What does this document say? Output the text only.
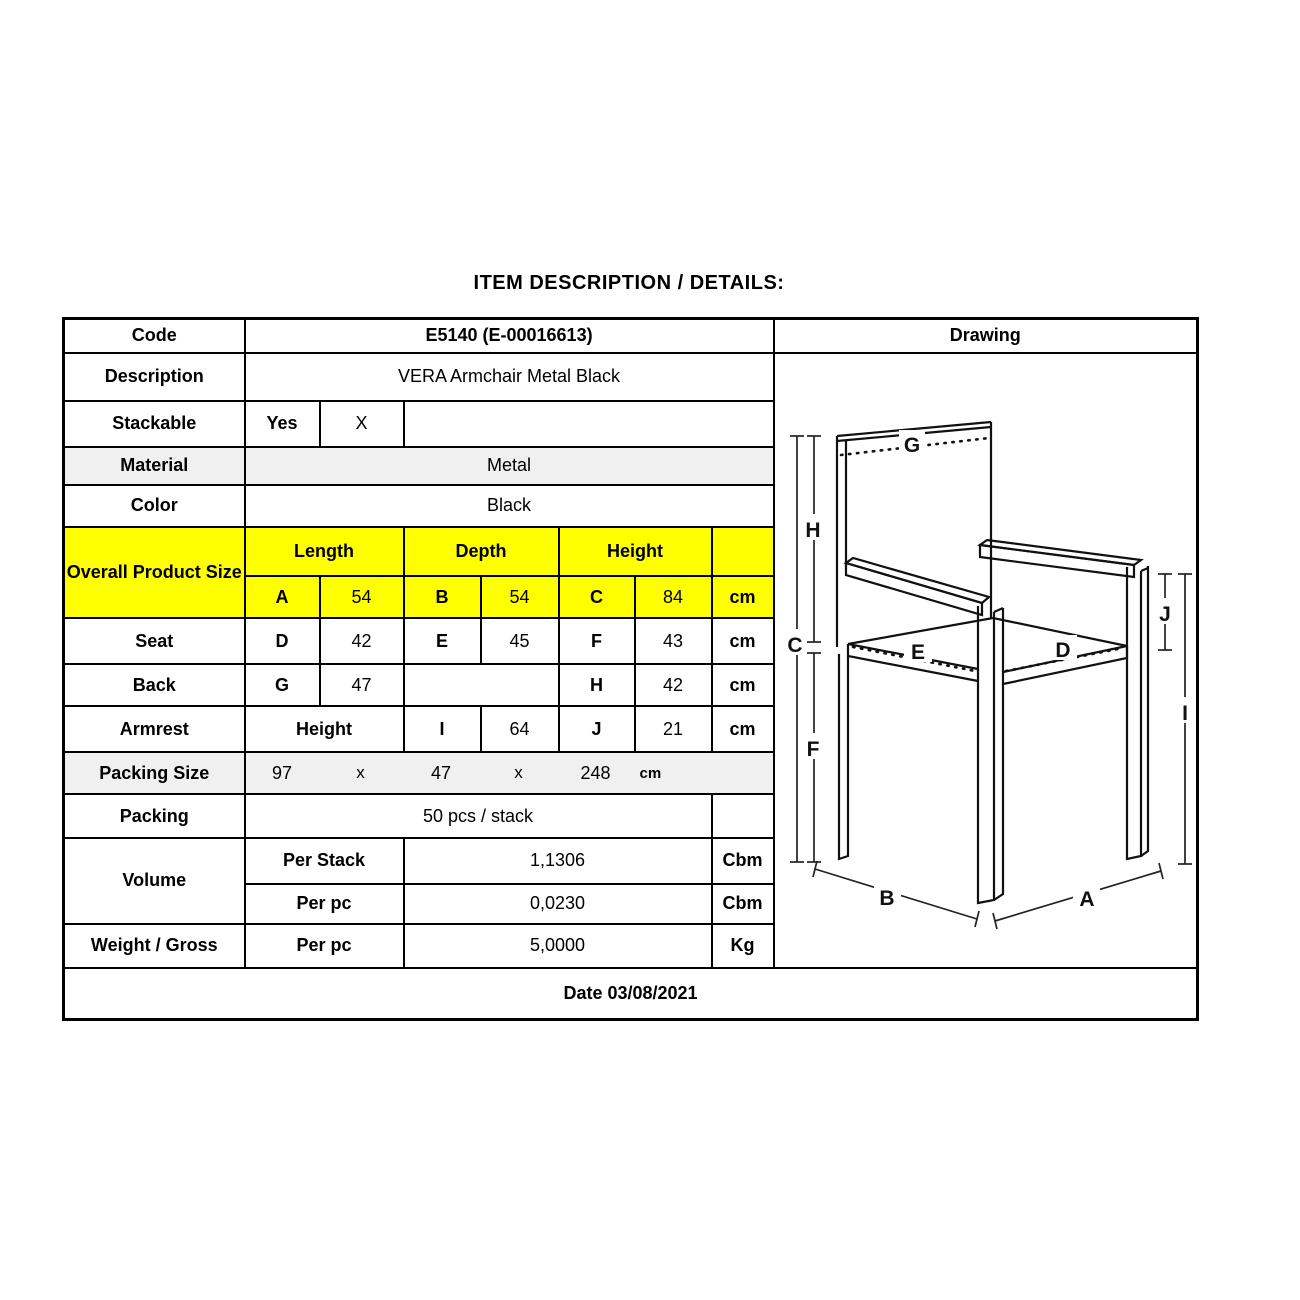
ITEM DESCRIPTION / DETAILS:
Code	E5140 (E-00016613)							Drawing
Description	VERA Armchair Metal Black	
G
H
C
F
E	D
J
I
B	A

Stackable	Yes	X						
Material	Metal							
Color	Black							
Overall Product Size	Length		Depth		Height			
	A	54	B	54	C	84	cm	
Seat	D	42	E	45	F	43	cm	
Back	G	47			H	42	cm	
Armrest	Height		I	64	J	21	cm	
Packing Size	97	x	47	x	248	cm

Packing	50 pcs / stack							
Volume	Per Stack		1,1306				Cbm	
	Per pc		0,0230				Cbm	
Weight / Gross	Per pc		5,0000				Kg	
Date 03/08/2021								
